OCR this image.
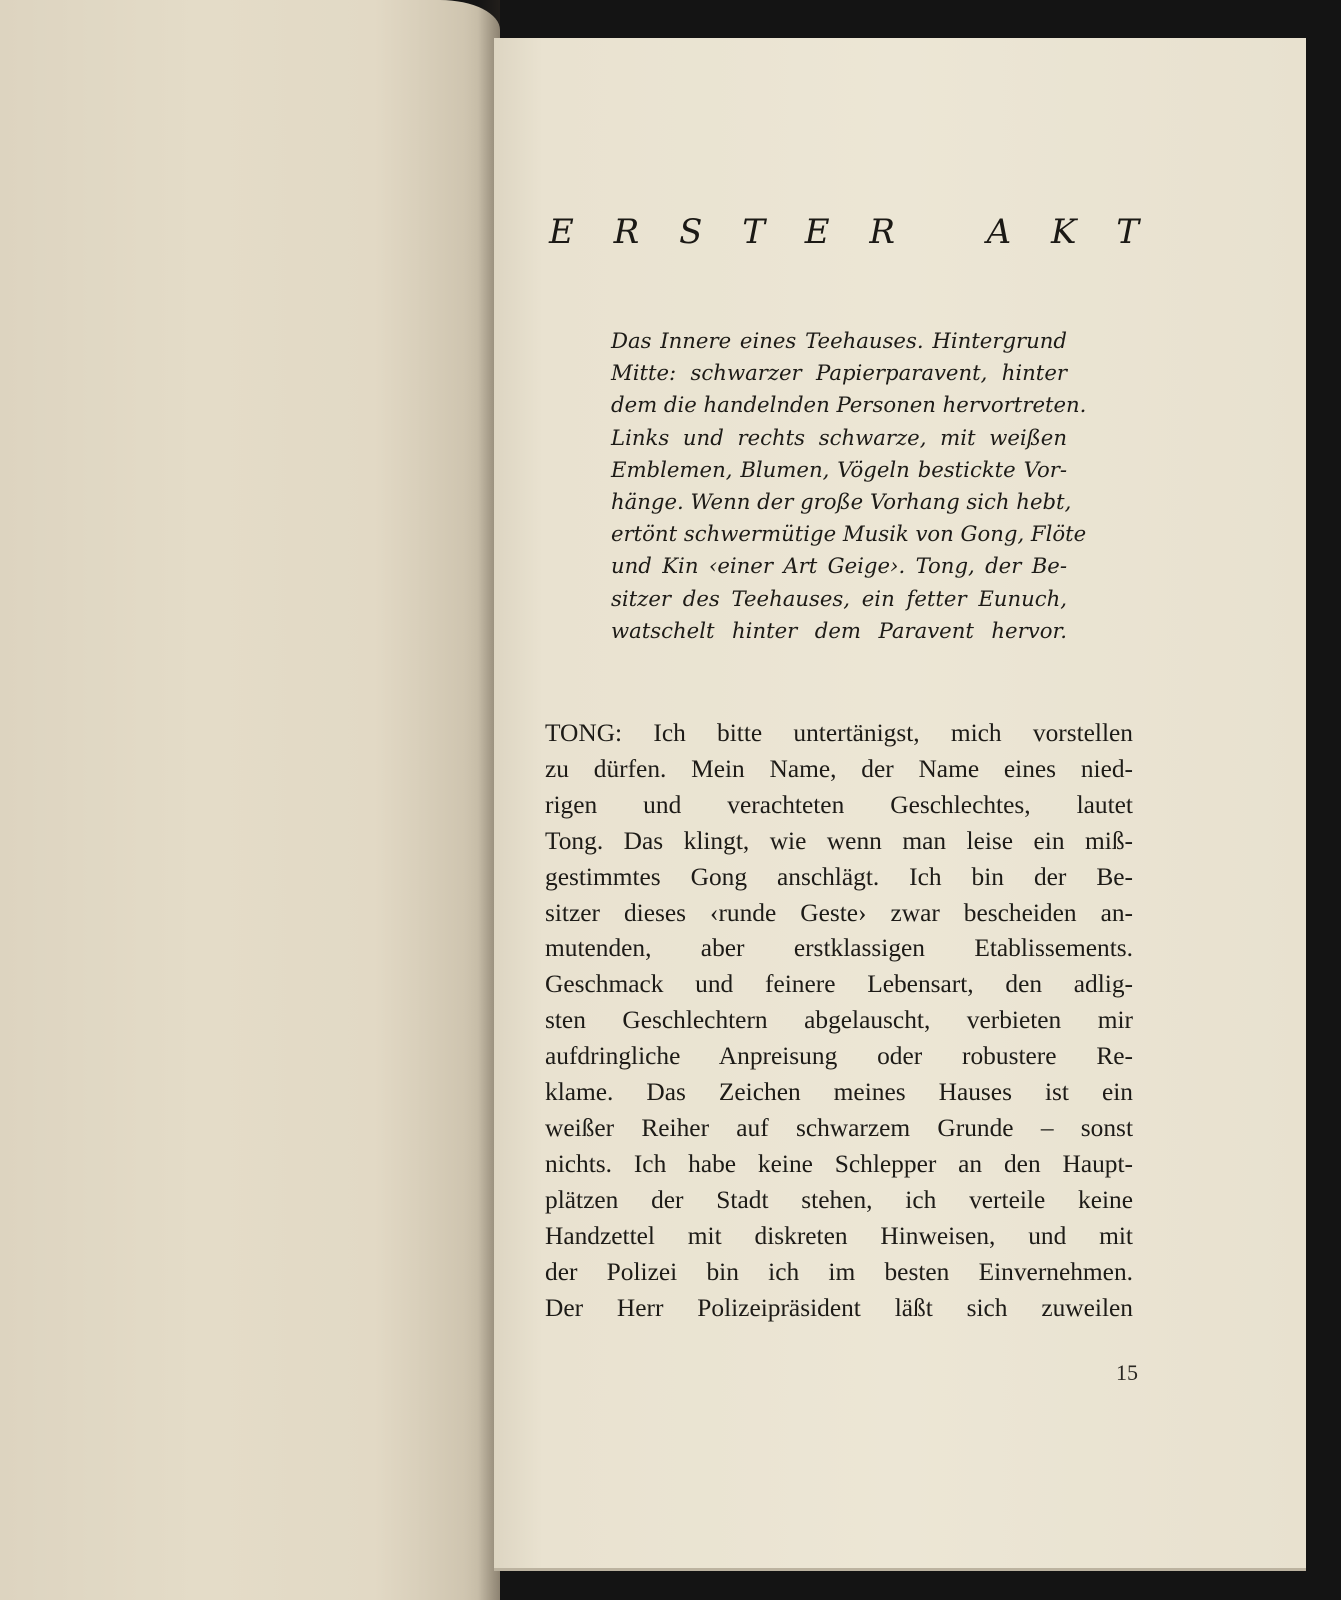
E R S T E R	A K T
Das Innere eines Teehauses. Hintergrund
Mitte: schwarzer Papierparavent, hinter
dem die handelnden Personen hervortreten.
Links und rechts schwarze, mit weißen
Emblemen, Blumen, Vögeln bestickte Vor-
hänge. Wenn der große Vorhang sich hebt,
ertönt schwermütige Musik von Gong, Flöte
und Kin ‹einer Art Geige›. Tong, der Be-
sitzer des Teehauses, ein fetter Eunuch,
watschelt hinter dem Paravent hervor.
TONG: Ich bitte untertänigst, mich vorstellen
zu dürfen. Mein Name, der Name eines nied-
rigen und verachteten Geschlechtes, lautet
Tong. Das klingt, wie wenn man leise ein miß-
gestimmtes Gong anschlägt. Ich bin der Be-
sitzer dieses ‹runde Geste› zwar bescheiden an-
mutenden, aber erstklassigen Etablissements.
Geschmack und feinere Lebensart, den adlig-
sten Geschlechtern abgelauscht, verbieten mir
aufdringliche Anpreisung oder robustere Re-
klame. Das Zeichen meines Hauses ist ein
weißer Reiher auf schwarzem Grunde – sonst
nichts. Ich habe keine Schlepper an den Haupt-
plätzen der Stadt stehen, ich verteile keine
Handzettel mit diskreten Hinweisen, und mit
der Polizei bin ich im besten Einvernehmen.
Der Herr Polizeipräsident läßt sich zuweilen
15
